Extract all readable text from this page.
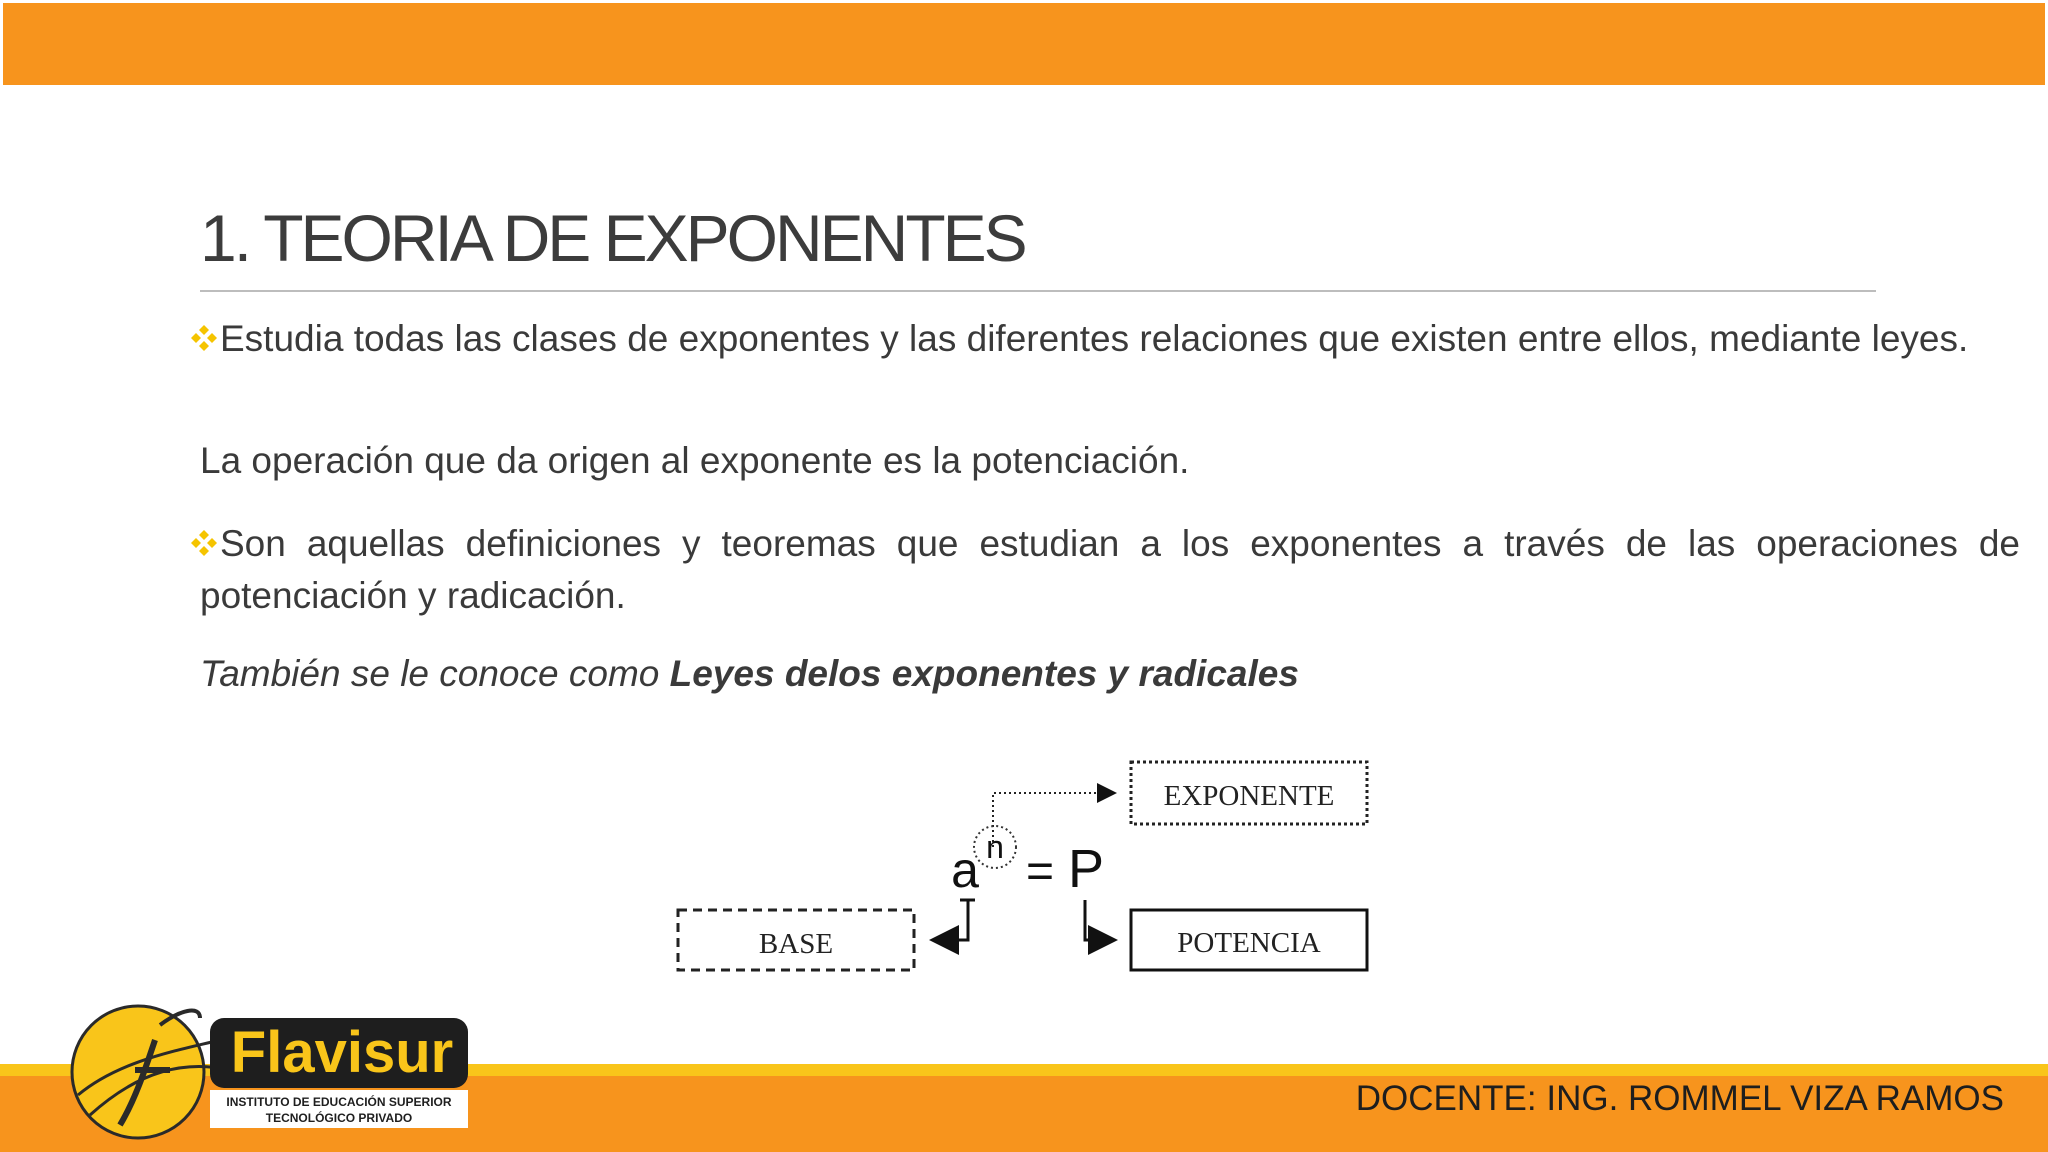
1. TEORIA DE EXPONENTES
Estudia todas las clases de exponentes y las diferentes relaciones que existen entre ellos, mediante leyes.
La operación que da origen al exponente es la potenciación.
Son aquellas definiciones y teoremas que estudian a los exponentes a través de las operaciones de potenciación y radicación.
También se le conoce como Leyes delos exponentes y radicales
EXPONENTE
n
a = P
BASE	POTENCIA
Flavisur
INSTITUTO DE EDUCACIÓN SUPERIOR
TECNOLÓGICO PRIVADO	DOCENTE: ING. ROMMEL VIZA RAMOS
